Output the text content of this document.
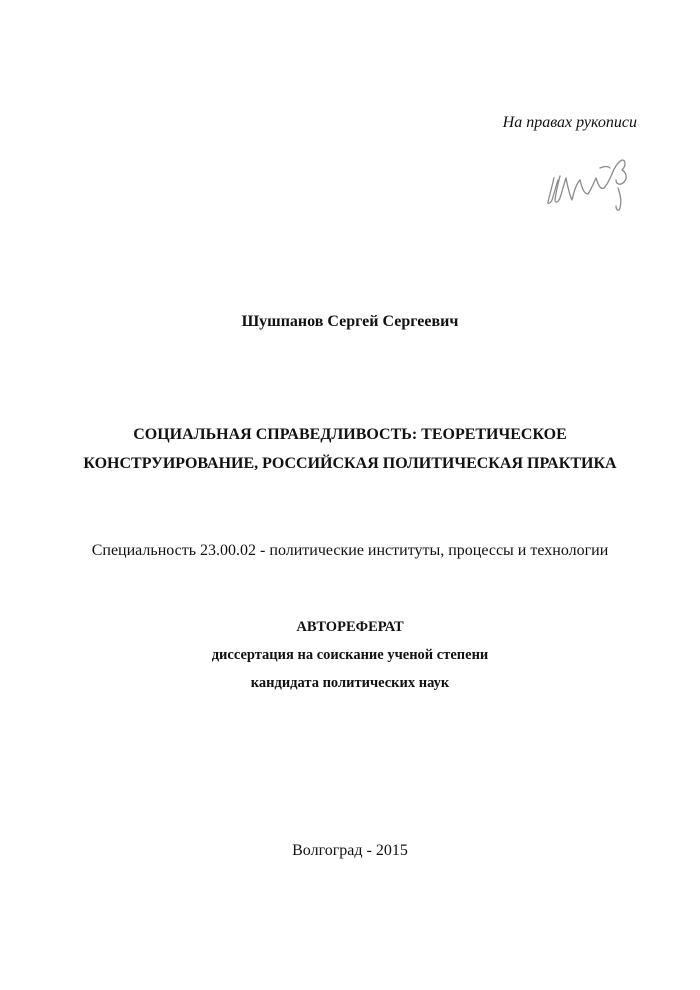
На правах рукописи
Шушпанов Сергей Сергеевич
СОЦИАЛЬНАЯ СПРАВЕДЛИВОСТЬ: ТЕОРЕТИЧЕСКОЕ
КОНСТРУИРОВАНИЕ, РОССИЙСКАЯ ПОЛИТИЧЕСКАЯ ПРАКТИКА
Специальность 23.00.02 - политические институты, процессы и технологии
АВТОРЕФЕРАТ
диссертация на соискание ученой степени
кандидата политических наук
Волгоград - 2015
